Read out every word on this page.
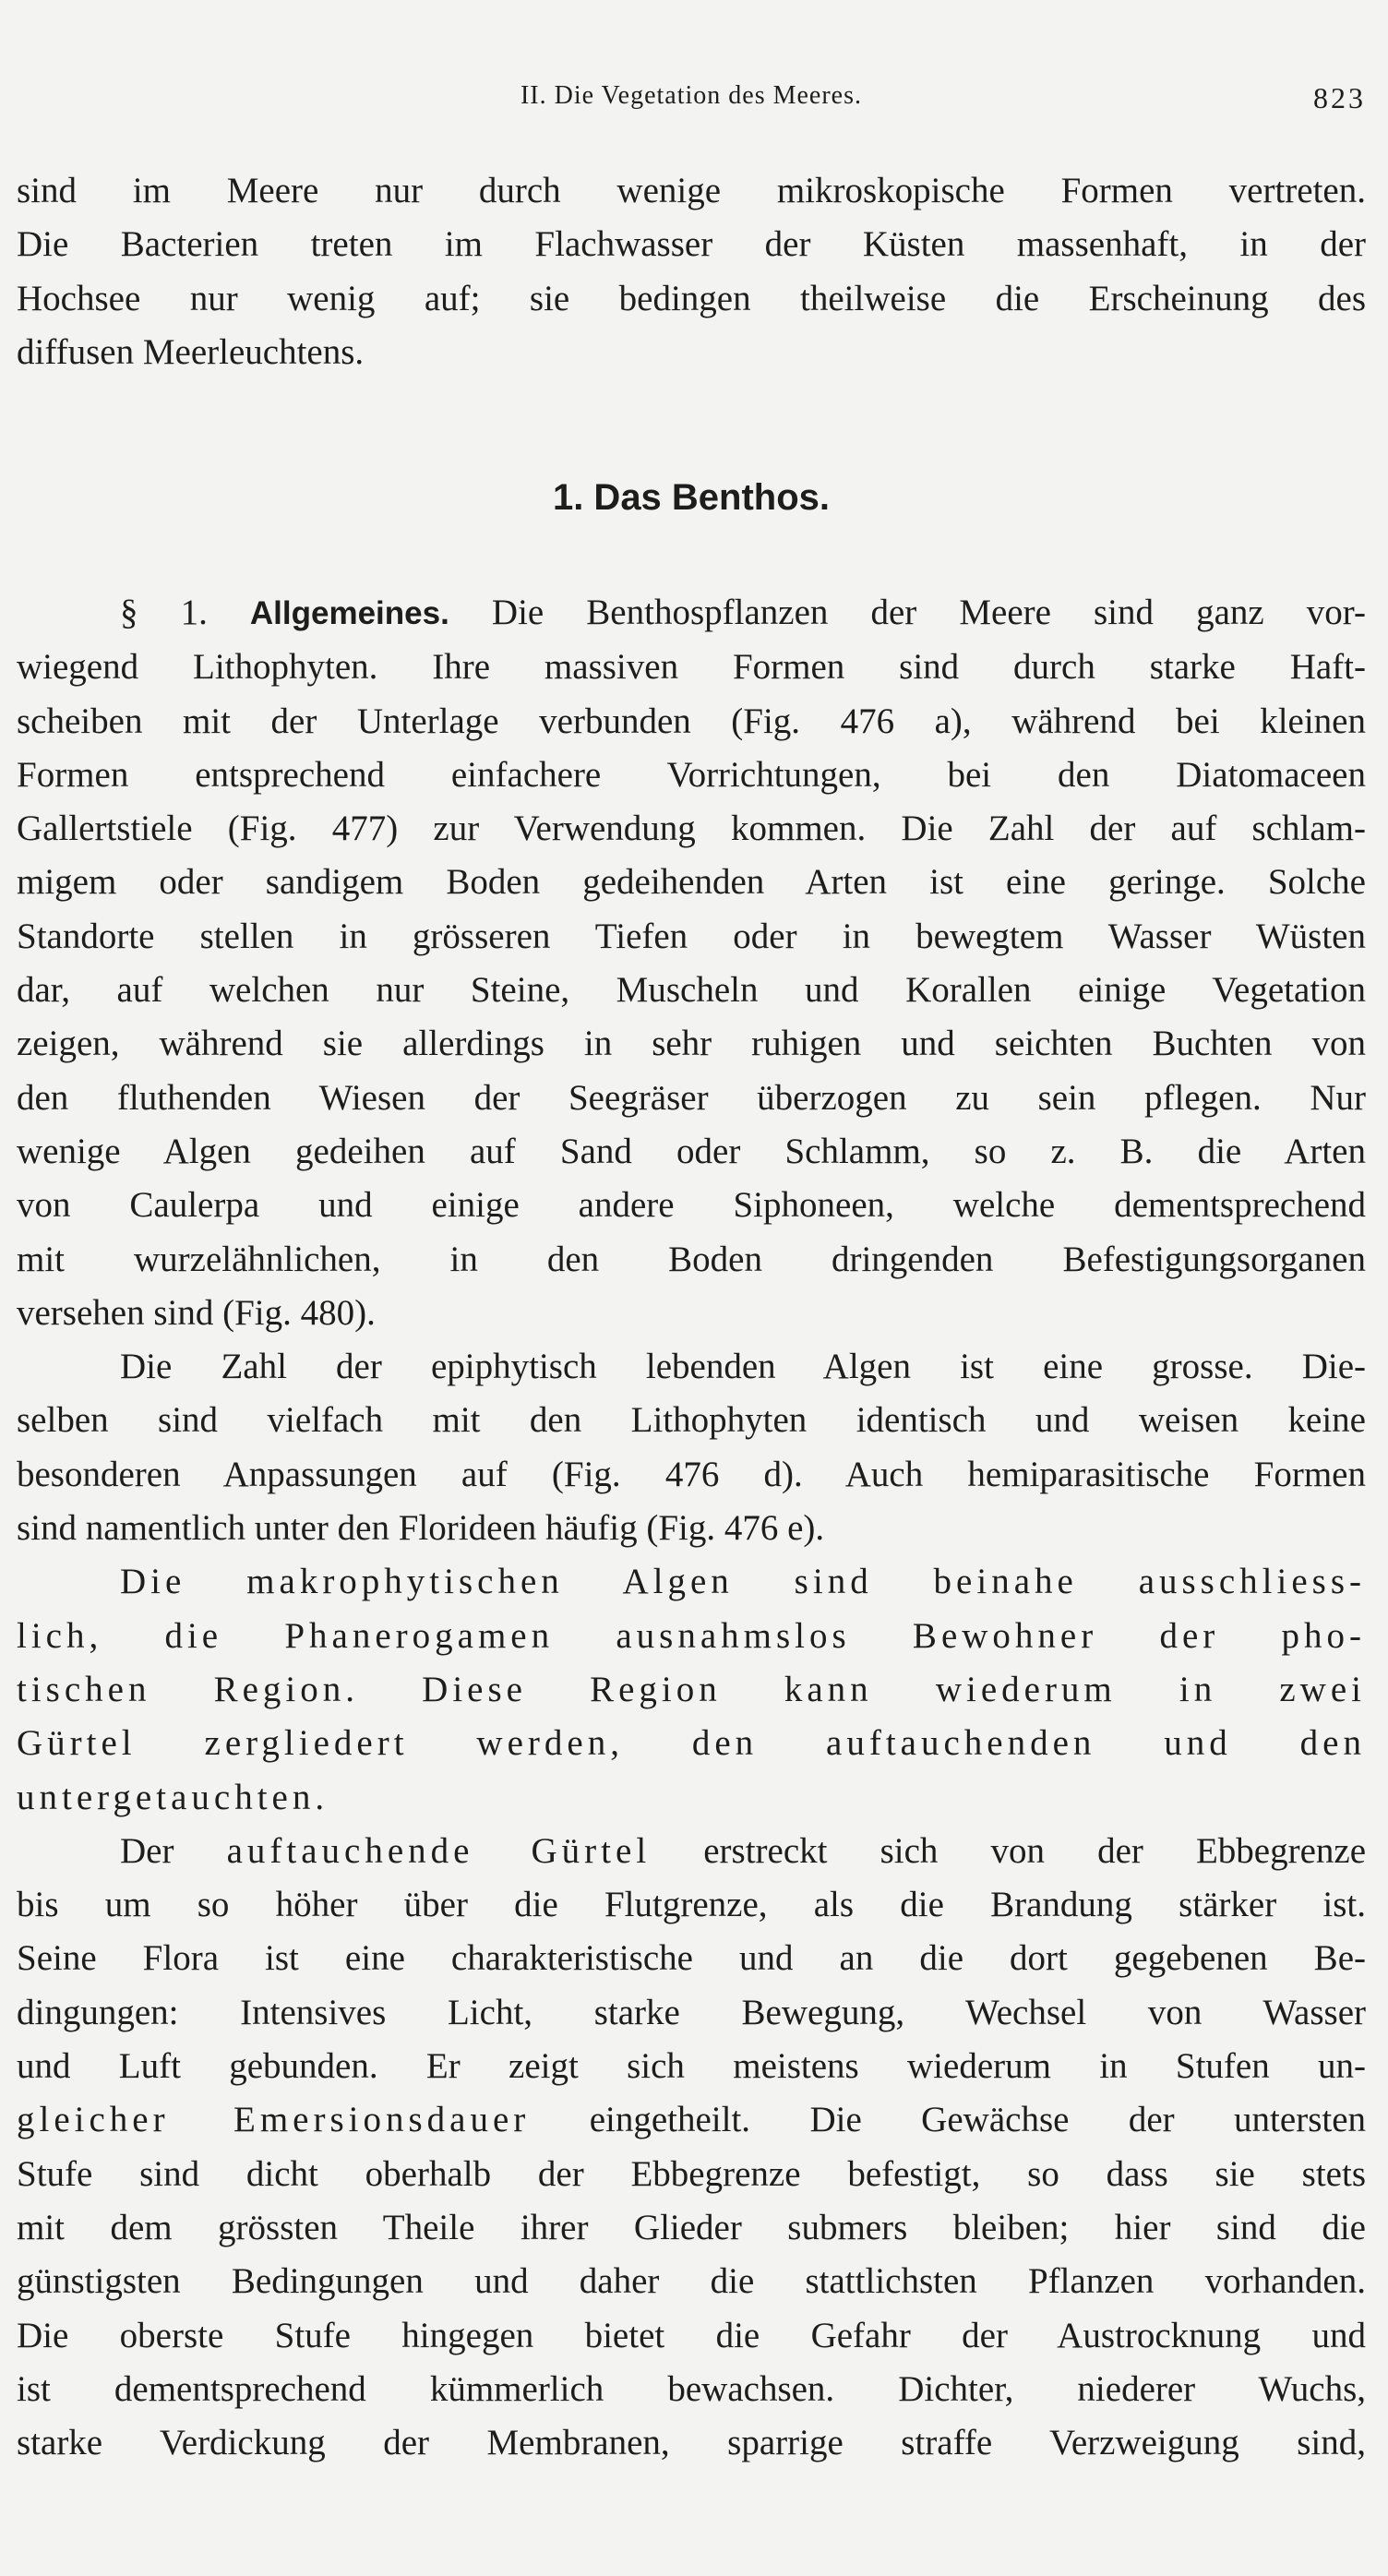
II. Die Vegetation des Meeres.	823

sind im Meere nur durch wenige mikroskopische Formen vertreten.
Die Bacterien treten im Flachwasser der Küsten massenhaft, in der
Hochsee nur wenig auf; sie bedingen theilweise die Erscheinung des
diffusen Meerleuchtens.

1. Das Benthos.

§ 1. Allgemeines. Die Benthospflanzen der Meere sind ganz vor-
wiegend Lithophyten. Ihre massiven Formen sind durch starke Haft-
scheiben mit der Unterlage verbunden (Fig. 476 a), während bei kleinen
Formen entsprechend einfachere Vorrichtungen, bei den Diatomaceen
Gallertstiele (Fig. 477) zur Verwendung kommen. Die Zahl der auf schlam-
migem oder sandigem Boden gedeihenden Arten ist eine geringe. Solche
Standorte stellen in grösseren Tiefen oder in bewegtem Wasser Wüsten
dar, auf welchen nur Steine, Muscheln und Korallen einige Vegetation
zeigen, während sie allerdings in sehr ruhigen und seichten Buchten von
den fluthenden Wiesen der Seegräser überzogen zu sein pflegen. Nur
wenige Algen gedeihen auf Sand oder Schlamm, so z. B. die Arten
von Caulerpa und einige andere Siphoneen, welche dementsprechend
mit wurzelähnlichen, in den Boden dringenden Befestigungsorganen
versehen sind (Fig. 480).

Die Zahl der epiphytisch lebenden Algen ist eine grosse. Die-
selben sind vielfach mit den Lithophyten identisch und weisen keine
besonderen Anpassungen auf (Fig. 476 d). Auch hemiparasitische Formen
sind namentlich unter den Florideen häufig (Fig. 476 e).

Die makrophytischen Algen sind beinahe ausschliess-
lich, die Phanerogamen ausnahmslos Bewohner der pho-
tischen Region. Diese Region kann wiederum in zwei
Gürtel zergliedert werden, den auftauchenden und den
untergetauchten.

Der auftauchende Gürtel erstreckt sich von der Ebbegrenze
bis um so höher über die Flutgrenze, als die Brandung stärker ist.
Seine Flora ist eine charakteristische und an die dort gegebenen Be-
dingungen: Intensives Licht, starke Bewegung, Wechsel von Wasser
und Luft gebunden. Er zeigt sich meistens wiederum in Stufen un-
gleicher Emersionsdauer eingetheilt. Die Gewächse der untersten
Stufe sind dicht oberhalb der Ebbegrenze befestigt, so dass sie stets
mit dem grössten Theile ihrer Glieder submers bleiben; hier sind die
günstigsten Bedingungen und daher die stattlichsten Pflanzen vorhanden.
Die oberste Stufe hingegen bietet die Gefahr der Austrocknung und
ist dementsprechend kümmerlich bewachsen. Dichter, niederer Wuchs,
starke Verdickung der Membranen, sparrige straffe Verzweigung sind,
